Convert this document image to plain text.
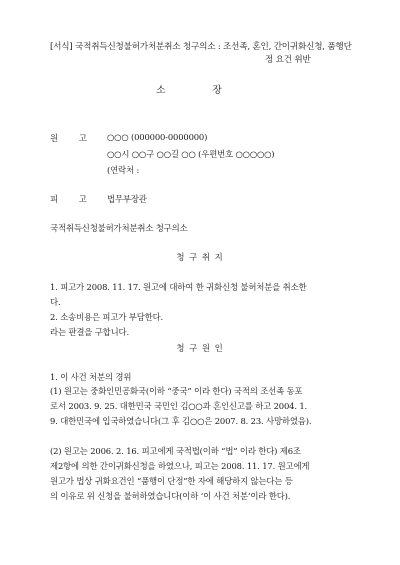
[서식] 국적취득신청불허가처분취소 청구의소 : 조선족, 혼인, 간이귀화신청, 품행단
정 요건 위반
소 장
원 고 ○○○ (000000-0000000)
○○시 ○○구 ○○길 ○○ (우편번호 ○○○○○)
(연락처 :
피 고 법무부장관
국적취득신청불허가처분취소 청구의소
청 구 취 지
1. 피고가 2008. 11. 17. 원고에 대하여 한 귀화신청 불허처분을 취소한
다.
2. 소송비용은 피고가 부담한다.
라는 판결을 구합니다.
청 구 원 인
1. 이 사건 처분의 경위
(1) 원고는 중화인민공화국(이하 “중국” 이라 한다) 국적의 조선족 동포
로서 2003. 9. 25. 대한민국 국민인 김○○과 혼인신고를 하고 2004. 1.
9. 대한민국에 입국하였습니다(그 후 김○○은 2007. 8. 23. 사망하였음).
(2) 원고는 2006. 2. 16. 피고에게 국적법(이하 “법” 이라 한다) 제6조
제2항에 의한 간이귀화신청을 하였으나, 피고는 2008. 11. 17. 원고에게
원고가 법상 귀화요건인 “품행이 단정”한 자에 해당하지 않는다는 등
의 이유로 위 신청을 불허하였습니다(이하 ‘이 사건 처분’이라 한다).
